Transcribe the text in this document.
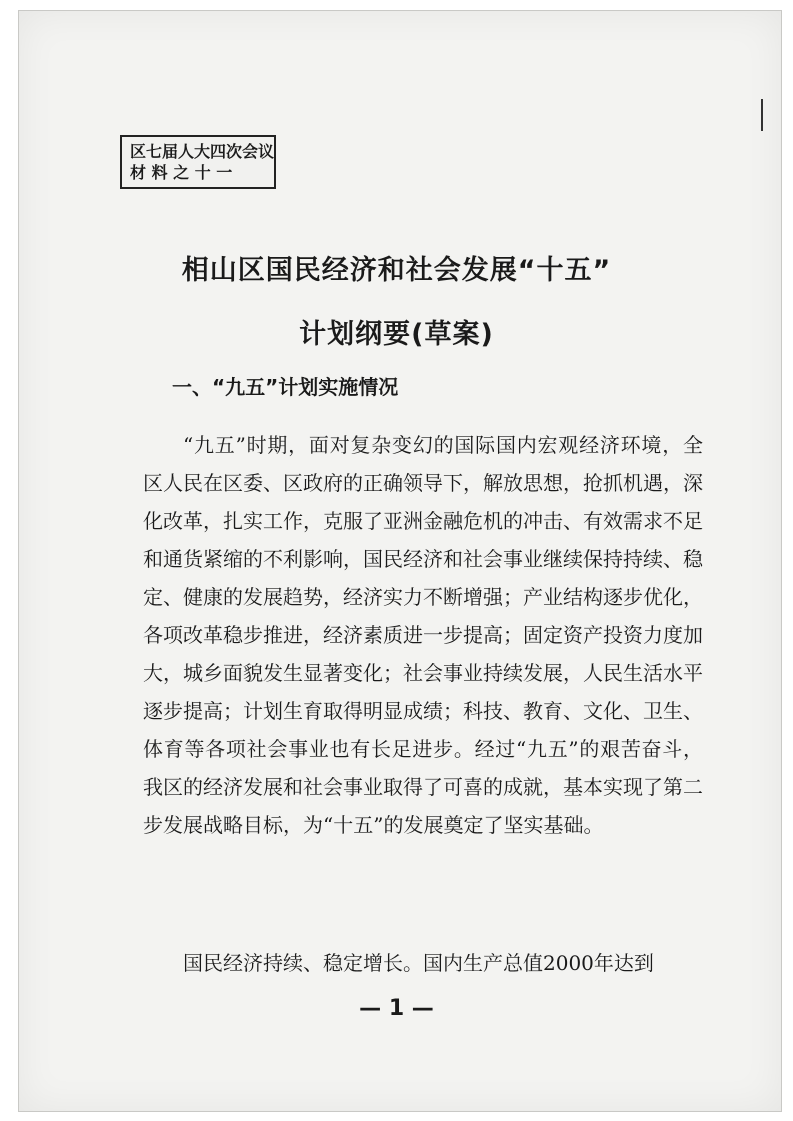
区七届人大四次会议
材 料 之 十 一
相山区国民经济和社会发展“十五”
计划纲要(草案)
一、“九五”计划实施情况

“九五”时期，面对复杂变幻的国际国内宏观经济环境，全区人民在区委、区政府的正确领导下，解放思想，抢抓机遇，深化改革，扎实工作，克服了亚洲金融危机的冲击、有效需求不足和通货紧缩的不利影响，国民经济和社会事业继续保持持续、稳定、健康的发展趋势，经济实力不断增强；产业结构逐步优化，各项改革稳步推进，经济素质进一步提高；固定资产投资力度加大，城乡面貌发生显著变化；社会事业持续发展，人民生活水平逐步提高；计划生育取得明显成绩；科技、教育、文化、卫生、体育等各项社会事业也有长足进步。经过“九五”的艰苦奋斗，我区的经济发展和社会事业取得了可喜的成就，基本实现了第二步发展战略目标，为“十五”的发展奠定了坚实基础。

国民经济持续、稳定增长。国内生产总值2000年达到

— 1 —
